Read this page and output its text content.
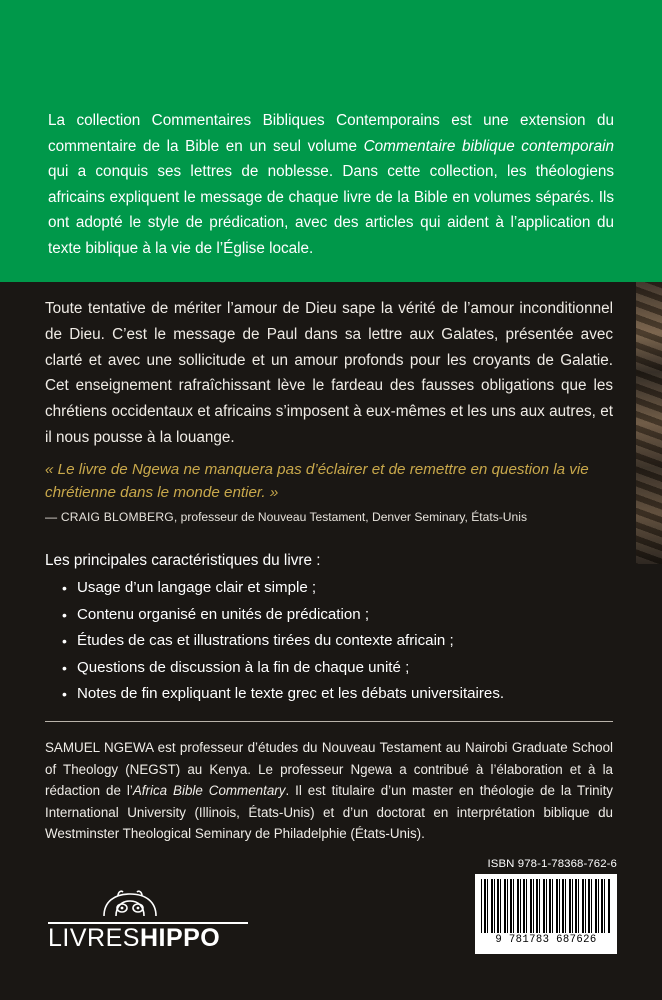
La collection Commentaires Bibliques Contemporains est une extension du commentaire de la Bible en un seul volume Commentaire biblique contemporain qui a conquis ses lettres de noblesse. Dans cette collection, les théologiens africains expliquent le message de chaque livre de la Bible en volumes séparés. Ils ont adopté le style de prédication, avec des articles qui aident à l’application du texte biblique à la vie de l’Église locale.
Toute tentative de mériter l’amour de Dieu sape la vérité de l’amour inconditionnel de Dieu. C’est le message de Paul dans sa lettre aux Galates, présentée avec clarté et avec une sollicitude et un amour profonds pour les croyants de Galatie. Cet enseignement rafraîchissant lève le fardeau des fausses obligations que les chrétiens occidentaux et africains s’imposent à eux-mêmes et les uns aux autres, et il nous pousse à la louange.
« Le livre de Ngewa ne manquera pas d’éclairer et de remettre en question la vie chrétienne dans le monde entier. »
— CRAIG BLOMBERG, professeur de Nouveau Testament, Denver Seminary, États-Unis
Les principales caractéristiques du livre :
• Usage d’un langage clair et simple ;
• Contenu organisé en unités de prédication ;
• Études de cas et illustrations tirées du contexte africain ;
• Questions de discussion à la fin de chaque unité ;
• Notes de fin expliquant le texte grec et les débats universitaires.
SAMUEL NGEWA est professeur d’études du Nouveau Testament au Nairobi Graduate School of Theology (NEGST) au Kenya. Le professeur Ngewa a contribué à l’élaboration et à la rédaction de l’Africa Bible Commentary. Il est titulaire d’un master en théologie de la Trinity International University (Illinois, États-Unis) et d’un doctorat en interprétation biblique du Westminster Theological Seminary de Philadelphie (États-Unis).
ISBN 978-1-78368-762-6
9 781783 687626
LIVRESHIPPO
